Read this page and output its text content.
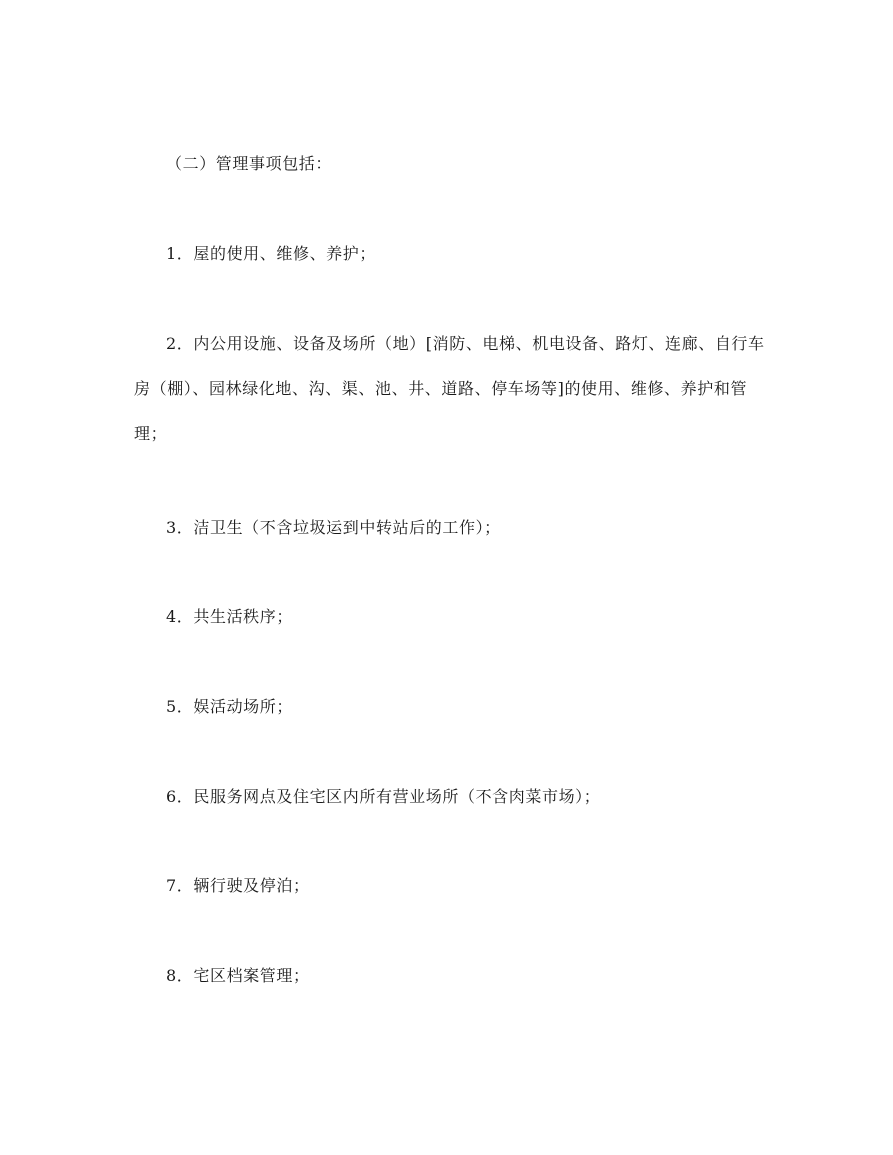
（二）管理事项包括：

1．屋的使用、维修、养护；

2．内公用设施、设备及场所（地）[消防、电梯、机电设备、路灯、连廊、自行车房（棚）、园林绿化地、沟、渠、池、井、道路、停车场等]的使用、维修、养护和管理；

3．洁卫生（不含垃圾运到中转站后的工作）；

4．共生活秩序；

5．娱活动场所；

6．民服务网点及住宅区内所有营业场所（不含肉菜市场）；

7．辆行驶及停泊；

8．宅区档案管理；
